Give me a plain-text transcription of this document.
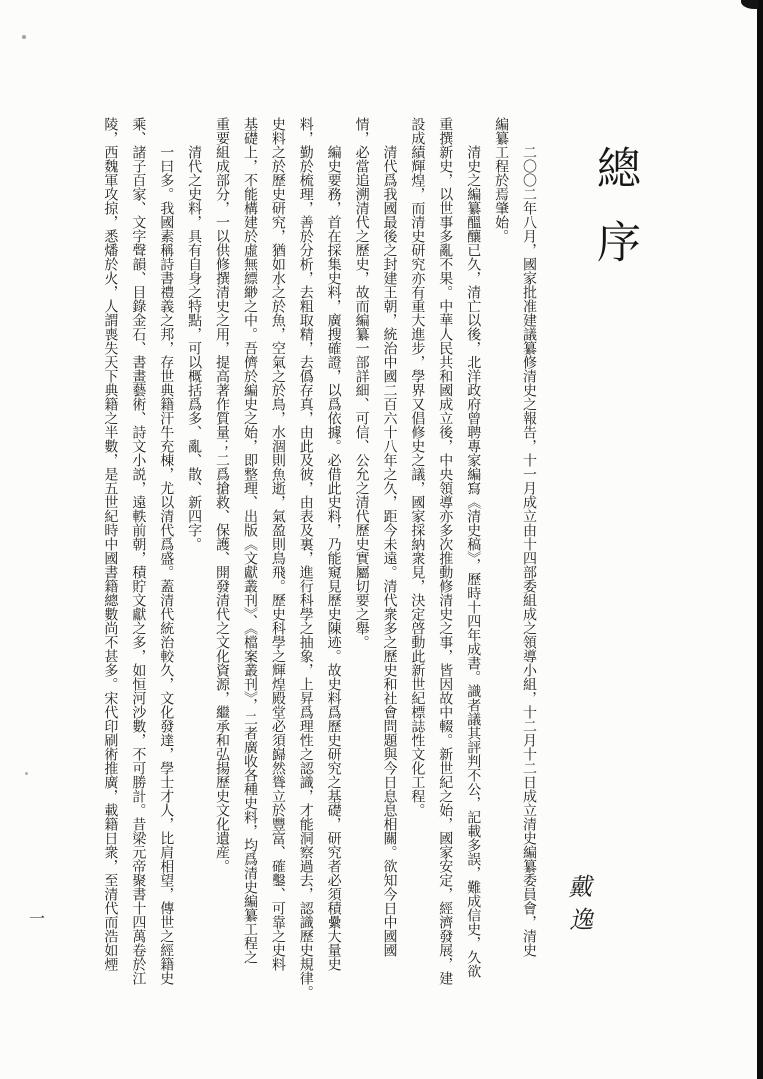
總序
二〇〇二年八月，國家批准建議纂修清史之報告，十一月成立由十四部委組成之領導小組，十二月十二日成立清史編纂委員會，清史
編纂工程於焉肇始。
清史之編纂醞釀已久，清亡以後，北洋政府曾聘專家編寫《清史稿》，歷時十四年成書。識者議其評判不公，記載多誤，難成信史，久欲
重撰新史，以世事多亂不果。中華人民共和國成立後，中央領導亦多次推動修清史之事，皆因故中輟。新世紀之始，國家安定，經濟發展，建
設成績輝煌，而清史研究亦有重大進步，學界又倡修史之議，國家採納衆見，決定啓動此新世紀標誌性文化工程。
清代爲我國最後之封建王朝，統治中國二百六十八年之久，距今未遠。清代衆多之歷史和社會問題與今日息息相關。欲知今日中國國
情，必當追溯清代之歷史，故而編纂一部詳細、可信、公允之清代歷史實屬切要之舉。
編史要務，首在採集史料，廣搜確證，以爲依據。必借此史料，乃能窺見歷史陳迹。故史料爲歷史研究之基礎，研究者必須積纍大量史
料，勤於梳理，善於分析，去粗取精，去僞存真，由此及彼，由表及裏，進行科學之抽象，上昇爲理性之認識，才能洞察過去，認識歷史規律。
史料之於歷史研究，猶如水之於魚，空氣之於鳥，水涸則魚逝，氣盈則鳥飛。歷史科學之輝煌殿堂必須巋然聳立於豐富、確鑿、可靠之史料
基礎上，不能構建於虛無縹緲之中。吾儕於編史之始，即整理、出版《文獻叢刊》、《檔案叢刊》，二者廣收各種史料，均爲清史編纂工程之
重要組成部分，一以供修撰清史之用，提高著作質量；二爲搶救、保護、開發清代之文化資源，繼承和弘揚歷史文化遺産。
清代之史料，具有自身之特點，可以概括爲多、亂、散、新四字。
一曰多。我國素稱詩書禮義之邦，存世典籍汗牛充棟，尤以清代爲盛。蓋清代統治較久，文化發達，學士才人，比肩相望，傳世之經籍史
乘、諸子百家、文字聲韻、目錄金石、書畫藝術、詩文小説，遠軼前朝，積貯文獻之多，如恒河沙數，不可勝計。昔梁元帝聚書十四萬卷於江
陵，西魏軍攻掠，悉燔於火，人謂喪失天下典籍之半數，是五世紀時中國書籍總數尚不甚多。宋代印刷術推廣，載籍日衆，至清代而浩如煙	戴逸
一
